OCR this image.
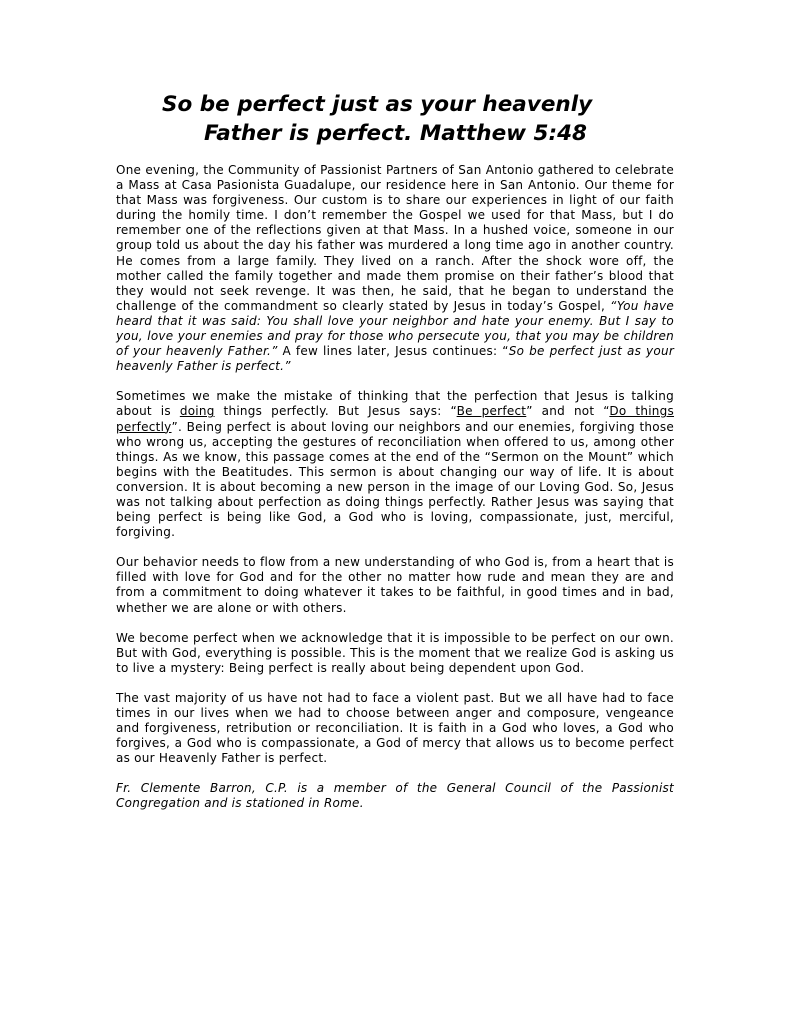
So be perfect just as your heavenly
Father is perfect. Matthew 5:48

One evening, the Community of Passionist Partners of San Antonio gathered to celebrate a Mass at Casa Pasionista Guadalupe, our residence here in San Antonio. Our theme for that Mass was forgiveness. Our custom is to share our experiences in light of our faith during the homily time. I don’t remember the Gospel we used for that Mass, but I do remember one of the reflections given at that Mass. In a hushed voice, someone in our group told us about the day his father was murdered a long time ago in another country. He comes from a large family. They lived on a ranch. After the shock wore off, the mother called the family together and made them promise on their father’s blood that they would not seek revenge. It was then, he said, that he began to understand the challenge of the commandment so clearly stated by Jesus in today’s Gospel, “You have heard that it was said: You shall love your neighbor and hate your enemy. But I say to you, love your enemies and pray for those who persecute you, that you may be children of your heavenly Father.” A few lines later, Jesus continues: “So be perfect just as your heavenly Father is perfect.”

Sometimes we make the mistake of thinking that the perfection that Jesus is talking about is doing things perfectly. But Jesus says: “Be perfect” and not “Do things perfectly”. Being perfect is about loving our neighbors and our enemies, forgiving those who wrong us, accepting the gestures of reconciliation when offered to us, among other things. As we know, this passage comes at the end of the “Sermon on the Mount” which begins with the Beatitudes. This sermon is about changing our way of life. It is about conversion. It is about becoming a new person in the image of our Loving God. So, Jesus was not talking about perfection as doing things perfectly. Rather Jesus was saying that being perfect is being like God, a God who is loving, compassionate, just, merciful, forgiving.

Our behavior needs to flow from a new understanding of who God is, from a heart that is filled with love for God and for the other no matter how rude and mean they are and from a commitment to doing whatever it takes to be faithful, in good times and in bad, whether we are alone or with others.

We become perfect when we acknowledge that it is impossible to be perfect on our own. But with God, everything is possible. This is the moment that we realize God is asking us to live a mystery: Being perfect is really about being dependent upon God.

The vast majority of us have not had to face a violent past. But we all have had to face times in our lives when we had to choose between anger and composure, vengeance and forgiveness, retribution or reconciliation. It is faith in a God who loves, a God who forgives, a God who is compassionate, a God of mercy that allows us to become perfect as our Heavenly Father is perfect.

Fr. Clemente Barron, C.P. is a member of the General Council of the Passionist Congregation and is stationed in Rome.
